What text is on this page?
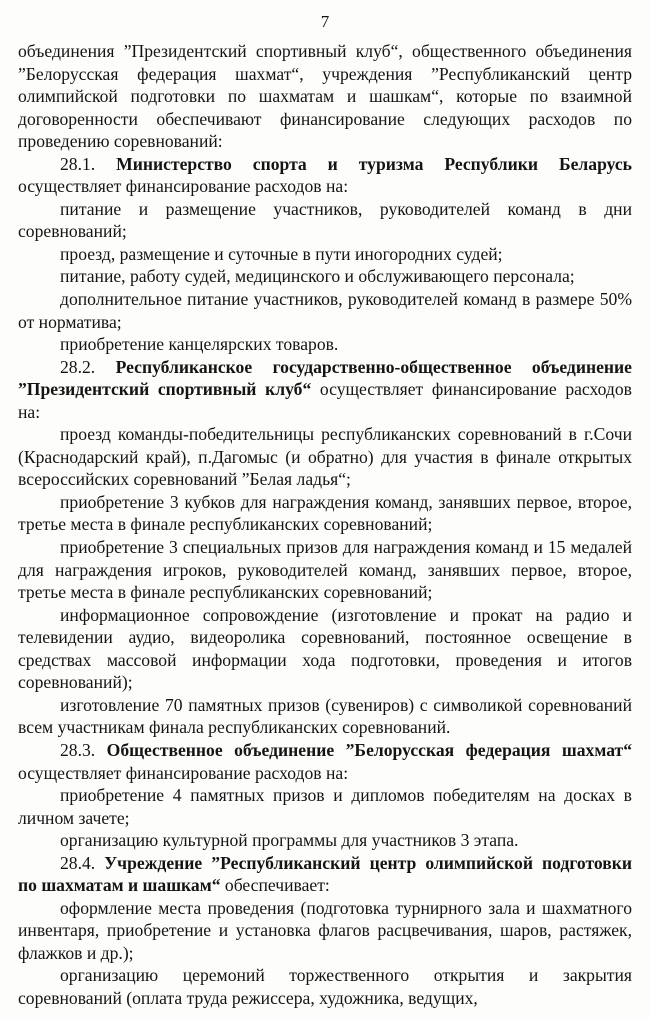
7

объединения ”Президентский спортивный клуб“, общественного объединения ”Белорусская федерация шахмат“, учреждения ”Республиканский центр олимпийской подготовки по шахматам и шашкам“, которые по взаимной договоренности обеспечивают финансирование следующих расходов по проведению соревнований:

28.1. Министерство спорта и туризма Республики Беларусь осуществляет финансирование расходов на:

питание и размещение участников, руководителей команд в дни соревнований;

проезд, размещение и суточные в пути иногородних судей;

питание, работу судей, медицинского и обслуживающего персонала;

дополнительное питание участников, руководителей команд в размере 50% от норматива;

приобретение канцелярских товаров.

28.2. Республиканское государственно-общественное объединение ”Президентский спортивный клуб“ осуществляет финансирование расходов на:

проезд команды-победительницы республиканских соревнований в г.Сочи (Краснодарский край), п.Дагомыс (и обратно) для участия в финале открытых всероссийских соревнований ”Белая ладья“;

приобретение 3 кубков для награждения команд, занявших первое, второе, третье места в финале республиканских соревнований;

приобретение 3 специальных призов для награждения команд и 15 медалей для награждения игроков, руководителей команд, занявших первое, второе, третье места в финале республиканских соревнований;

информационное сопровождение (изготовление и прокат на радио и телевидении аудио, видеоролика соревнований, постоянное освещение в средствах массовой информации хода подготовки, проведения и итогов соревнований);

изготовление 70 памятных призов (сувениров) с символикой соревнований всем участникам финала республиканских соревнований.

28.3. Общественное объединение ”Белорусская федерация шахмат“ осуществляет финансирование расходов на:

приобретение 4 памятных призов и дипломов победителям на досках в личном зачете;

организацию культурной программы для участников 3 этапа.

28.4. Учреждение ”Республиканский центр олимпийской подготовки по шахматам и шашкам“ обеспечивает:

оформление места проведения (подготовка турнирного зала и шахматного инвентаря, приобретение и установка флагов расцвечивания, шаров, растяжек, флажков и др.);

организацию церемоний торжественного открытия и закрытия соревнований (оплата труда режиссера, художника, ведущих,
